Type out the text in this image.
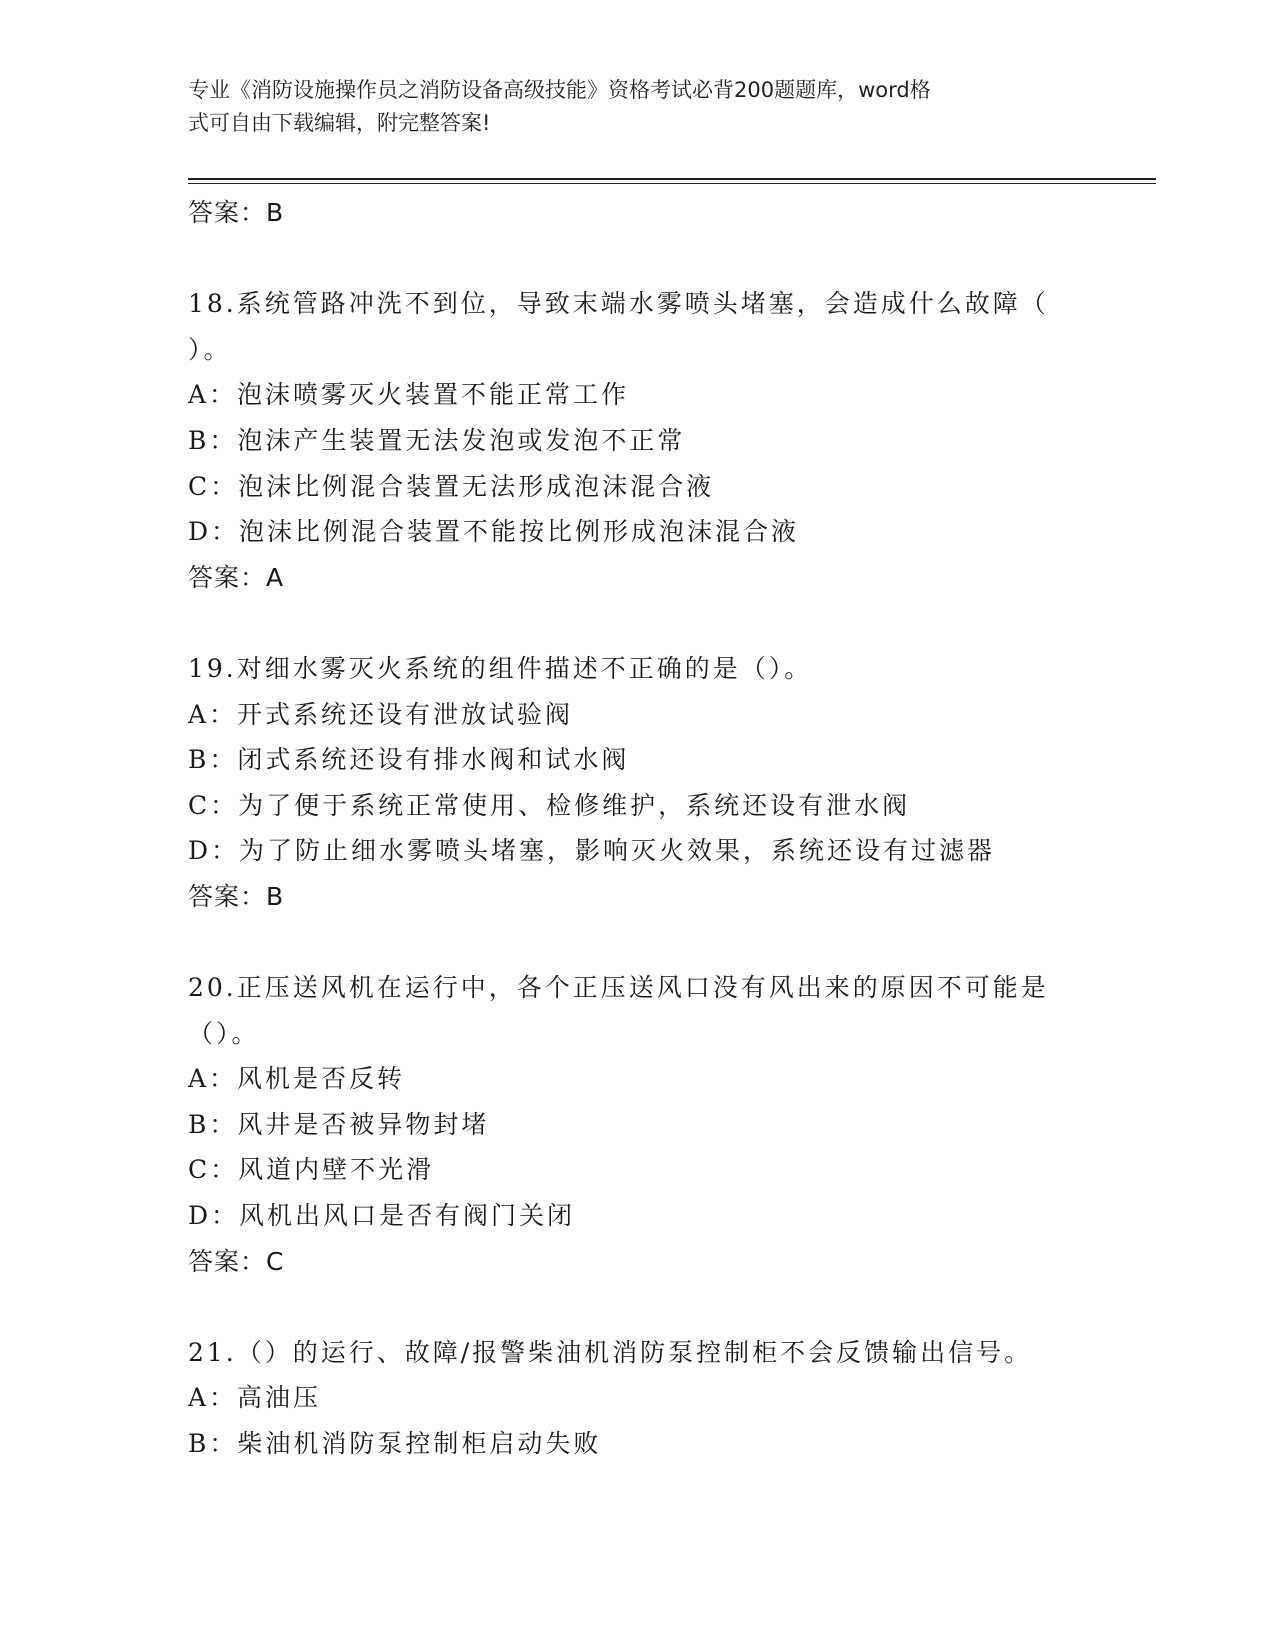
专业《消防设施操作员之消防设备高级技能》资格考试必背200题题库，word格
式可自由下载编辑，附完整答案!
答案：B
18.系统管路冲洗不到位，导致末端水雾喷头堵塞，会造成什么故障（
）。
A：泡沫喷雾灭火装置不能正常工作
B：泡沫产生装置无法发泡或发泡不正常
C：泡沫比例混合装置无法形成泡沫混合液
D：泡沫比例混合装置不能按比例形成泡沫混合液
答案：A
19.对细水雾灭火系统的组件描述不正确的是（）。
A：开式系统还设有泄放试验阀
B：闭式系统还设有排水阀和试水阀
C：为了便于系统正常使用、检修维护，系统还设有泄水阀
D：为了防止细水雾喷头堵塞，影响灭火效果，系统还设有过滤器
答案：B
20.正压送风机在运行中，各个正压送风口没有风出来的原因不可能是
（）。
A：风机是否反转
B：风井是否被异物封堵
C：风道内壁不光滑
D：风机出风口是否有阀门关闭
答案：C
21.（）的运行、故障/报警柴油机消防泵控制柜不会反馈输出信号。
A：高油压
B：柴油机消防泵控制柜启动失败
